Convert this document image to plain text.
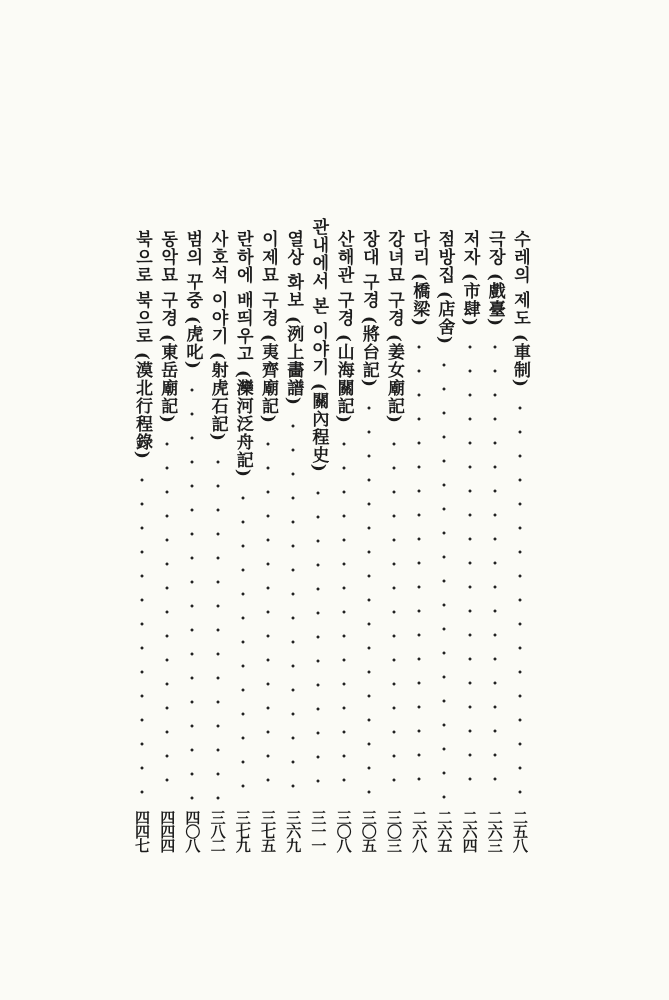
수레의 제도 (車制)
二五八
극장 (戲臺)
二六三
저자 (市肆)
二六四
점방집 (店舍)
二六五
다리 (橋梁)
二六八
강녀묘 구경 (姜女廟記)
三〇三
장대 구경 (將台記)
三〇五
산해관 구경 (山海關記)
三〇八
관내에서 본 이야기 (關內程史)
三一一
열상 화보 (洌上畵譜)
三六九
이제묘 구경 (夷齊廟記)
三七五
란하에 배띄우고 (灤河泛舟記)
三七九
사호석 이야기 (射虎石記)
三八二
범의 꾸중 (虎叱)
四〇八
동악묘 구경 (東岳廟記)
四四四
북으로 북으로 (漠北行程錄)
四四七
